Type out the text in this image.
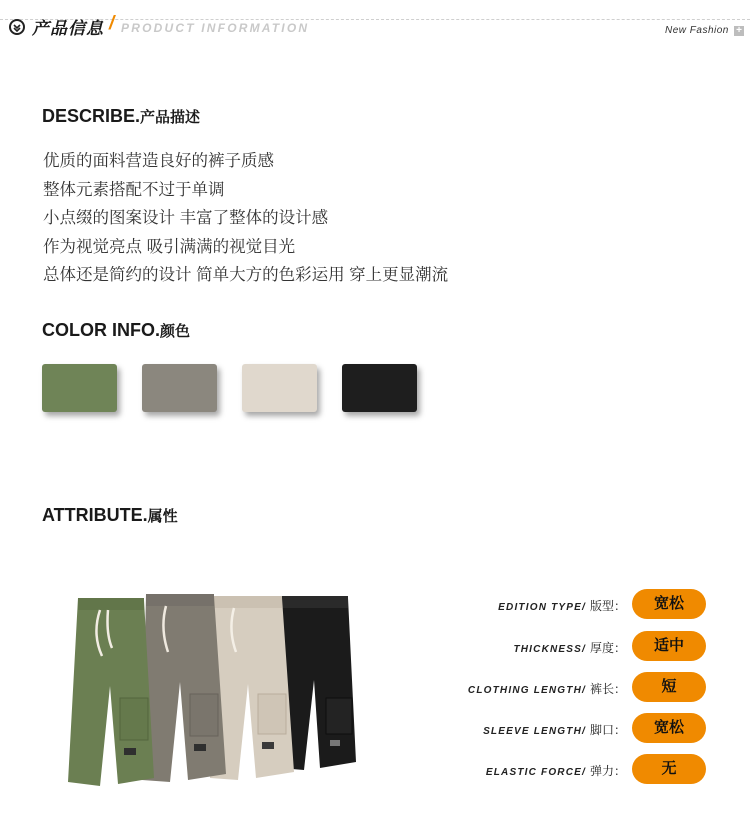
产品信息 / PRODUCT INFORMATION	New Fashion +
DESCRIBE.产品描述
优质的面料营造良好的裤子质感
整体元素搭配不过于单调
小点缀的图案设计 丰富了整体的设计感
作为视觉亮点 吸引满满的视觉目光
总体还是简约的设计 简单大方的色彩运用 穿上更显潮流
COLOR INFO.颜色
ATTRIBUTE.属性
EDITION TYPE/ 版型：	宽松
THICKNESS/ 厚度：	适中
CLOTHING LENGTH/ 裤长：	短
SLEEVE LENGTH/ 脚口：	宽松
ELASTIC FORCE/ 弹力：	无
